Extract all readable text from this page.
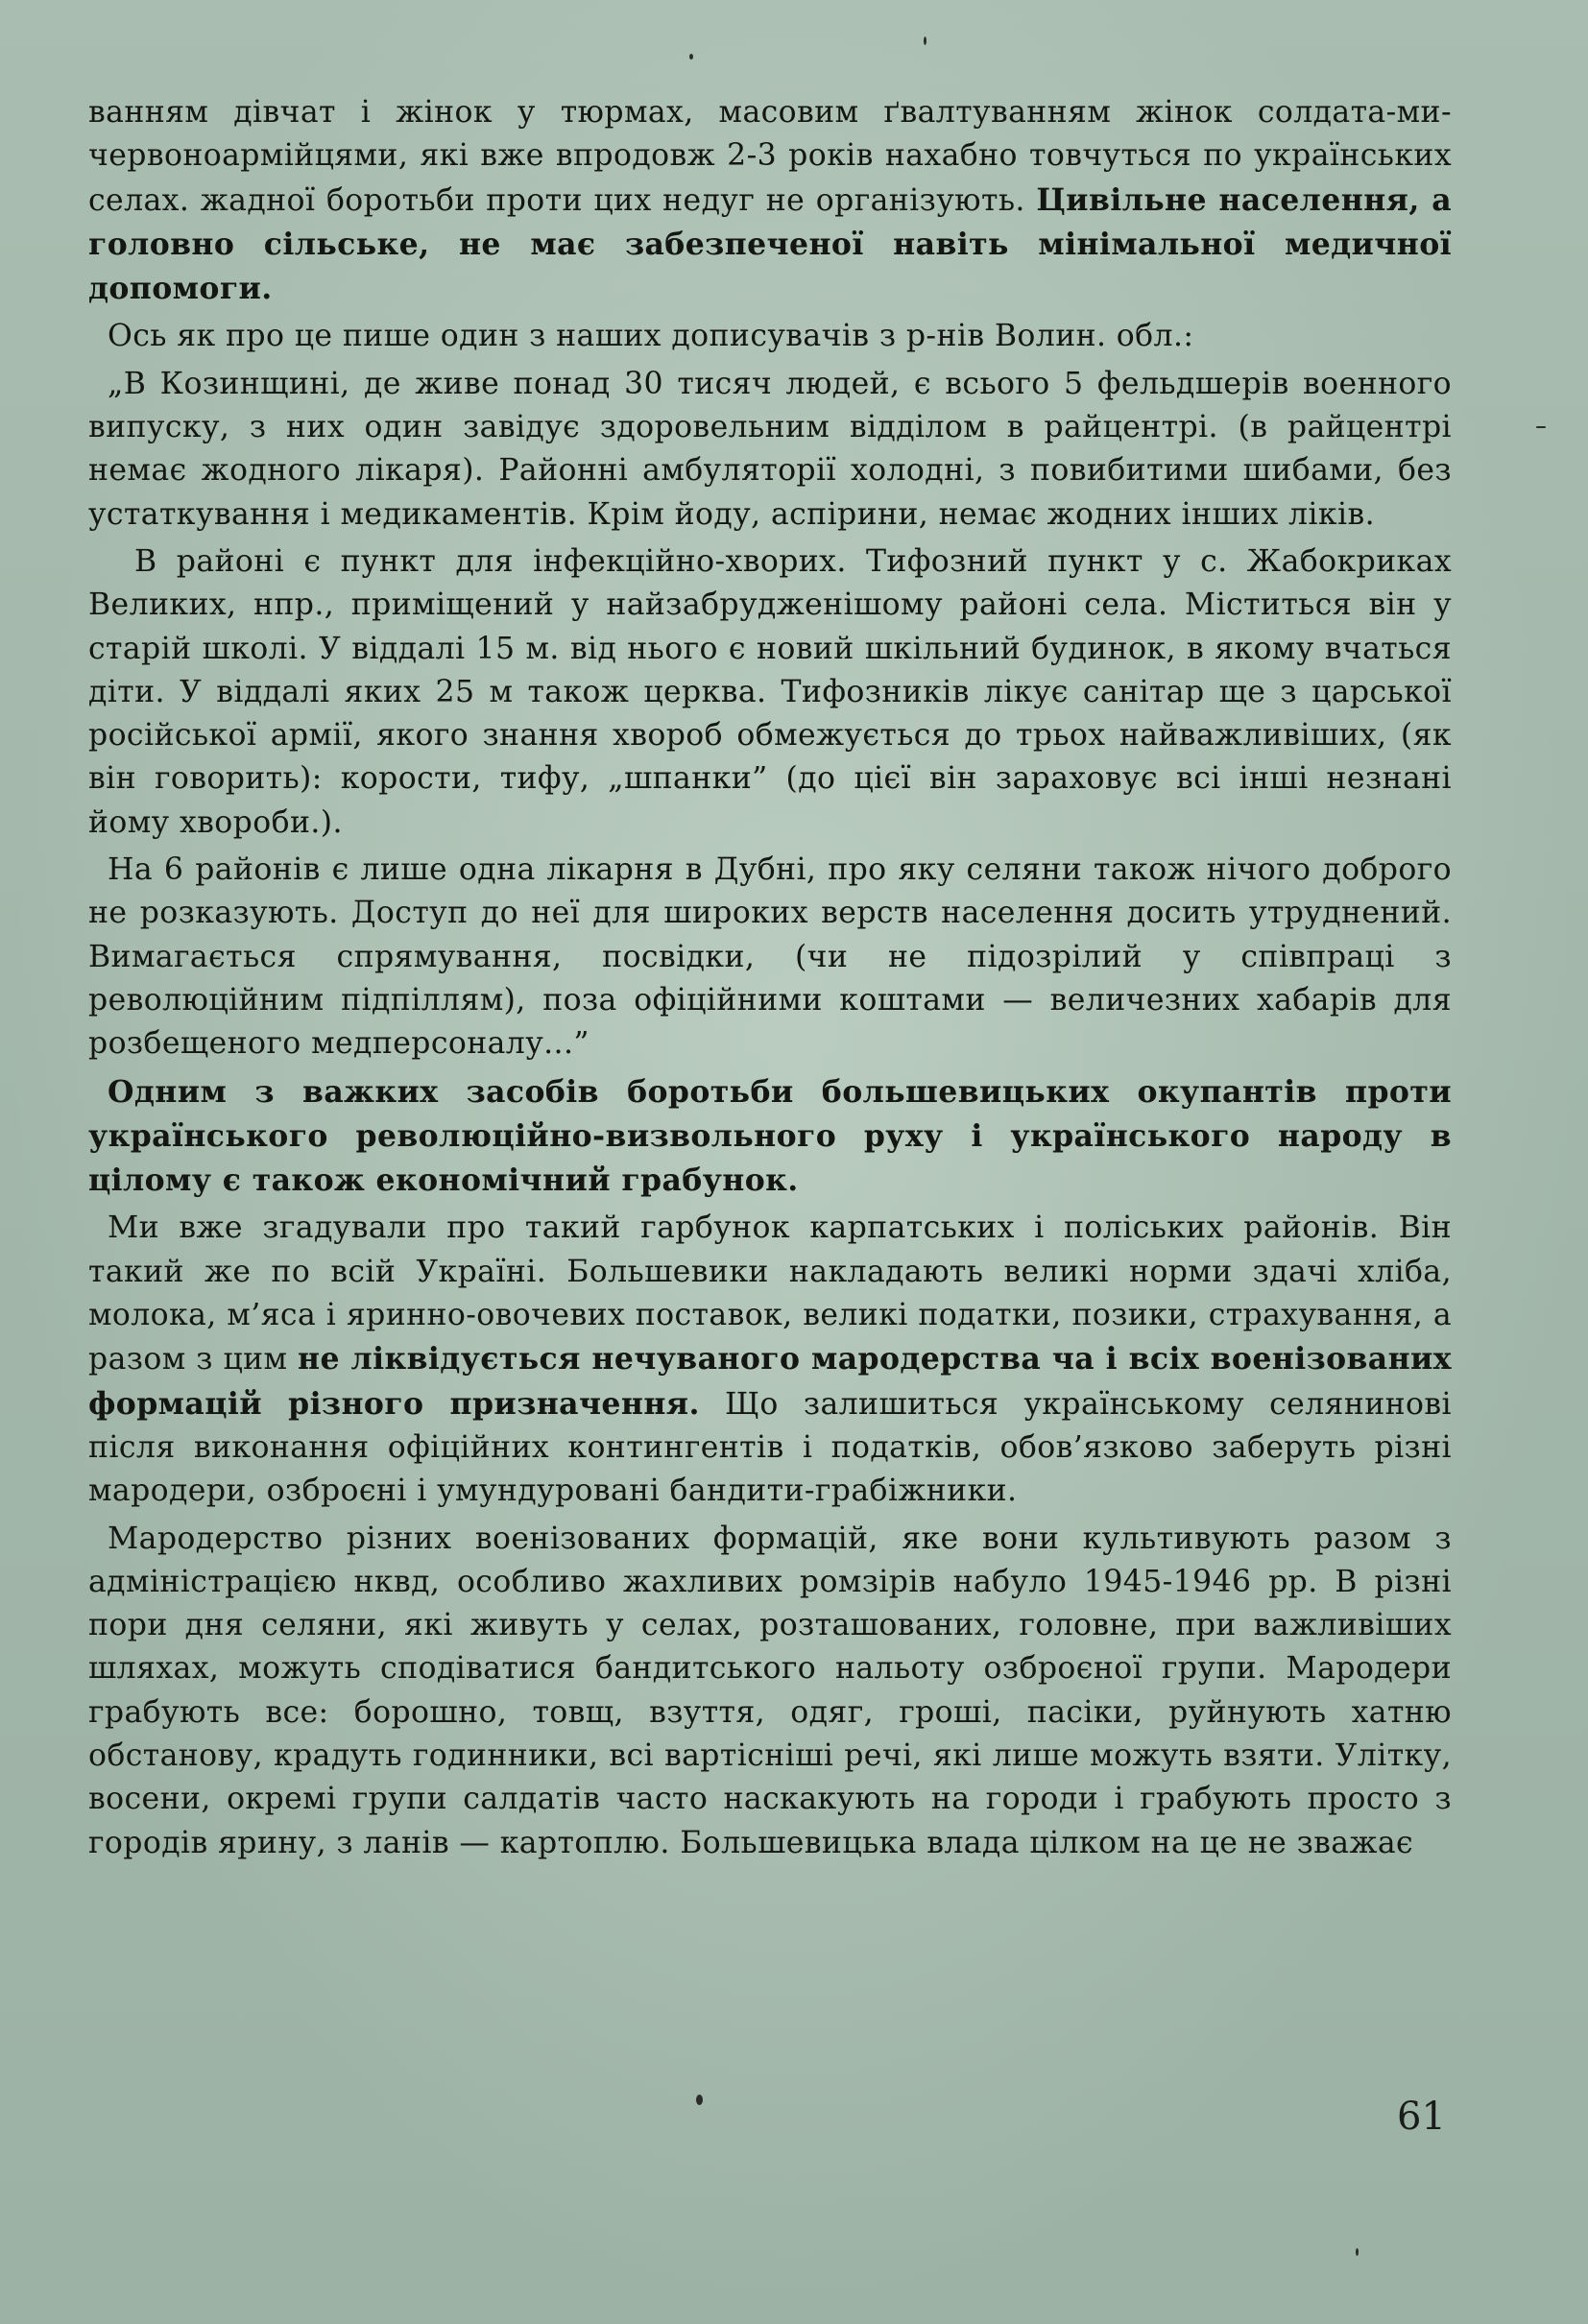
ванням дівчат і жінок у тюрмах, масовим ґвалтуванням жінок солдата-ми-червоноармійцями, які вже впродовж 2-3 років нахабно товчуться по українських селах. жадної боротьби проти цих недуг не організують. Цивільне населення, а головно сільське, не має забезпеченої навіть мінімальної медичної допомоги.

Ось як про це пише один з наших дописувачів з р-нів Волин. обл.:

„В Козинщині, де живе понад 30 тисяч людей, є всього 5 фельдшерів военного випуску, з них один завідує здоровельним відділом в райцентрі. (в райцентрі немає жодного лікаря). Районні амбуляторії холодні, з повибитими шибами, без устаткування і медикаментів. Крім йоду, аспірини, немає жодних інших ліків.

В районі є пункт для інфекційно-хворих. Тифозний пункт у с. Жабокриках Великих, нпр., приміщений у найзабрудженішому районі села. Міститься він у старій школі. У віддалі 15 м. від нього є новий шкільний будинок, в якому вчаться діти. У віддалі яких 25 м також церква. Тифозників лікує санітар ще з царської російської армії, якого знання хвороб обмежується до трьох найважливіших, (як він говорить): корости, тифу, „шпанки” (до цієї він зараховує всі інші незнані йому хвороби.).

На 6 районів є лише одна лікарня в Дубні, про яку селяни також нічого доброго не розказують. Доступ до неї для широких верств населення досить утруднений. Вимагається спрямування, посвідки, (чи не підозрілий у співпраці з революційним підпіллям), поза офіційними коштами — величезних хабарів для розбещеного медперсоналу...”

Одним з важких засобів боротьби большевицьких окупантів проти українського революційно-визвольного руху і українського народу в цілому є також економічний грабунок.

Ми вже згадували про такий гарбунок карпатських і поліських районів. Він такий же по всій Україні. Большевики накладають великі норми здачі хліба, молока, м’яса і яринно-овочевих поставок, великі податки, позики, страхування, а разом з цим не ліквідується нечуваного мародерства ча і всіх военізованих формацій різного призначення. Що залишиться українському селянинові після виконання офіційних контингентів і податків, обов’язково заберуть різні мародери, озброєні і умундуровані бандити-грабіжники.

Мародерство різних военізованих формацій, яке вони культивують разом з адміністрацією нквд, особливо жахливих ромзірів набуло 1945-1946 рр. В різні пори дня селяни, які живуть у селах, розташованих, головне, при важливіших шляхах, можуть сподіватися бандитського нальоту озброєної групи. Мародери грабують все: борошно, товщ, взуття, одяг, гроші, пасіки, руйнують хатню обстанову, крадуть годинники, всі вартісніші речі, які лише можуть взяти. Улітку, восени, окремі групи салдатів часто наскакують на городи і грабують просто з городів ярину, з ланів — картоплю. Большевицька влада цілком на це не зважає

61
